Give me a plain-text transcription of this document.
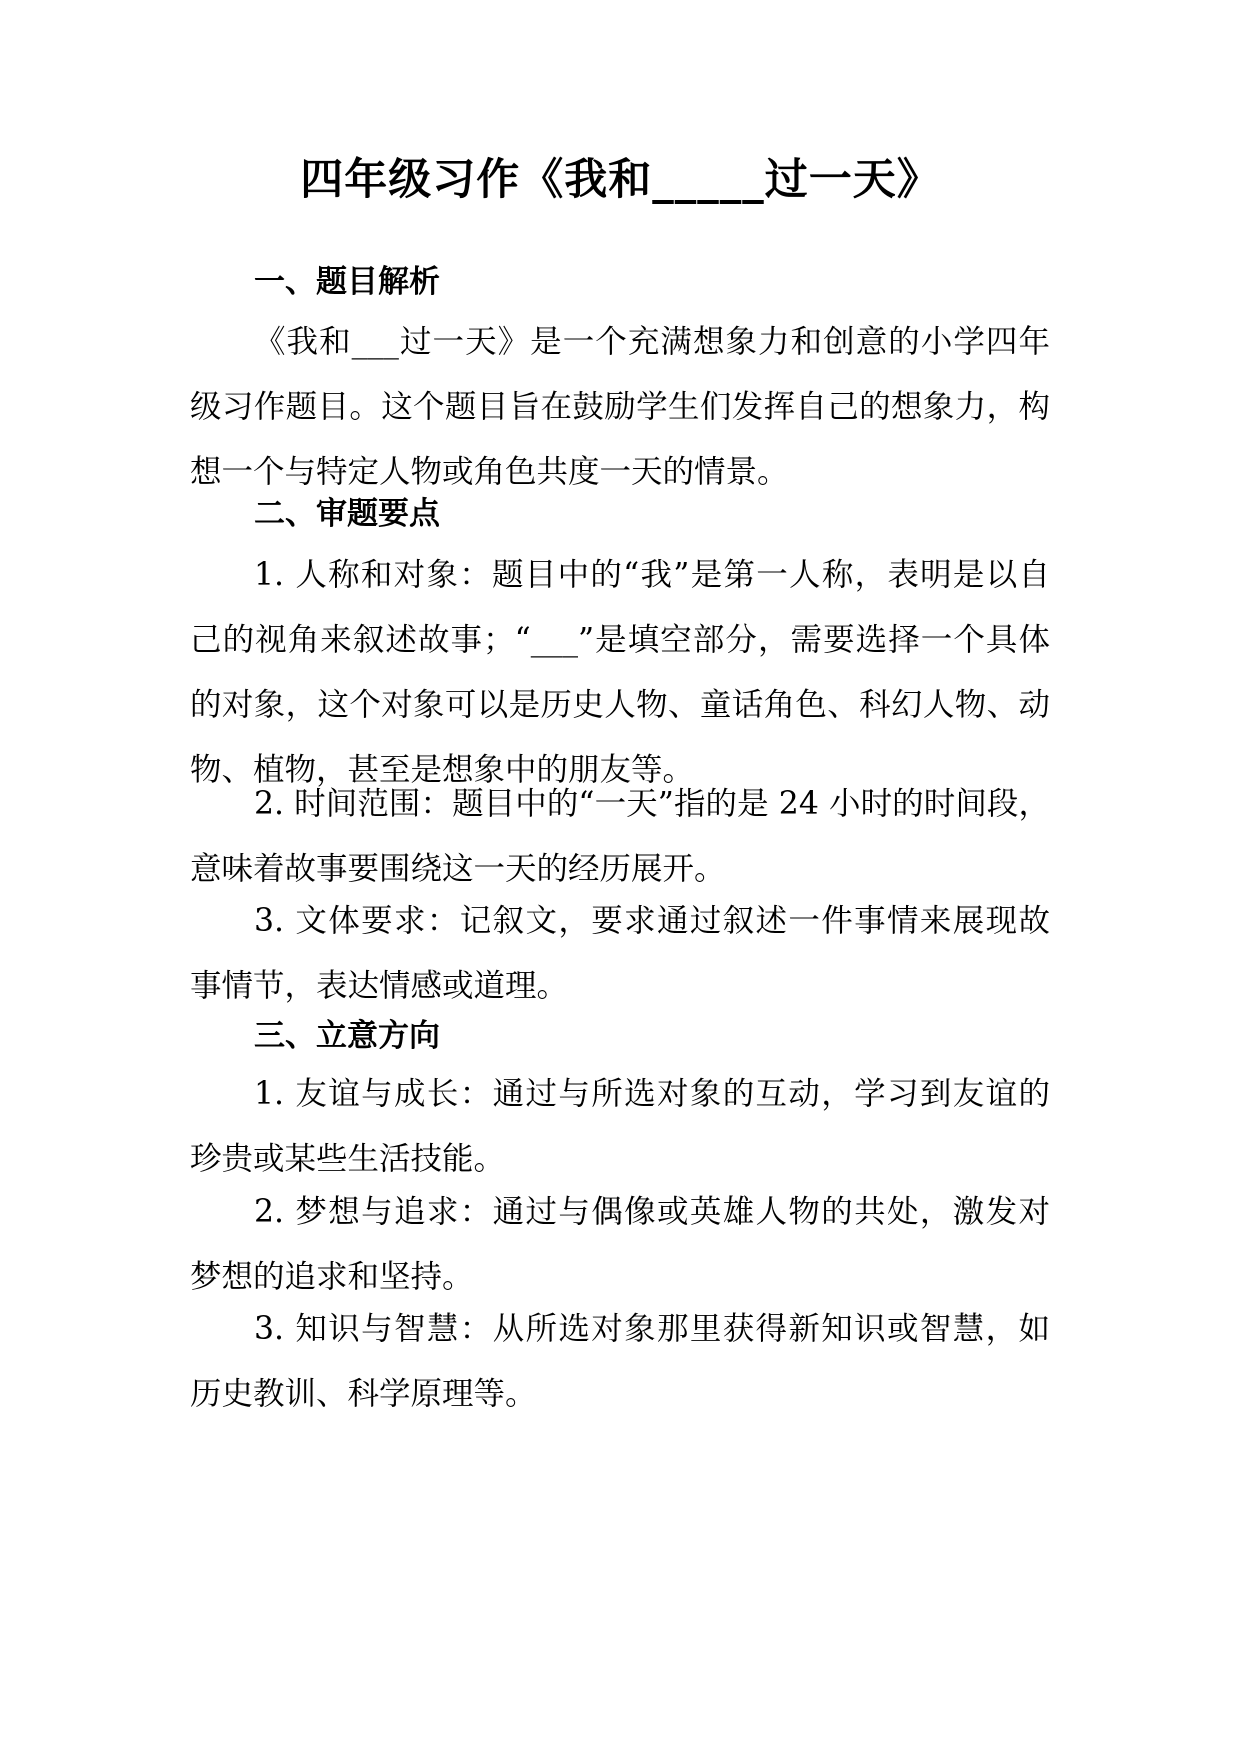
四年级习作《我和_____过一天》
一、题目解析

《我和___过一天》是一个充满想象力和创意的小学四年级习作题目。这个题目旨在鼓励学生们发挥自己的想象力，构想一个与特定人物或角色共度一天的情景。

二、审题要点

1. 人称和对象：题目中的“我”是第一人称，表明是以自己的视角来叙述故事；“___”是填空部分，需要选择一个具体的对象，这个对象可以是历史人物、童话角色、科幻人物、动物、植物，甚至是想象中的朋友等。

2. 时间范围：题目中的“一天”指的是 24 小时的时间段，意味着故事要围绕这一天的经历展开。

3. 文体要求：记叙文，要求通过叙述一件事情来展现故事情节，表达情感或道理。

三、立意方向

1. 友谊与成长：通过与所选对象的互动，学习到友谊的珍贵或某些生活技能。

2. 梦想与追求：通过与偶像或英雄人物的共处，激发对梦想的追求和坚持。

3. 知识与智慧：从所选对象那里获得新知识或智慧，如历史教训、科学原理等。
